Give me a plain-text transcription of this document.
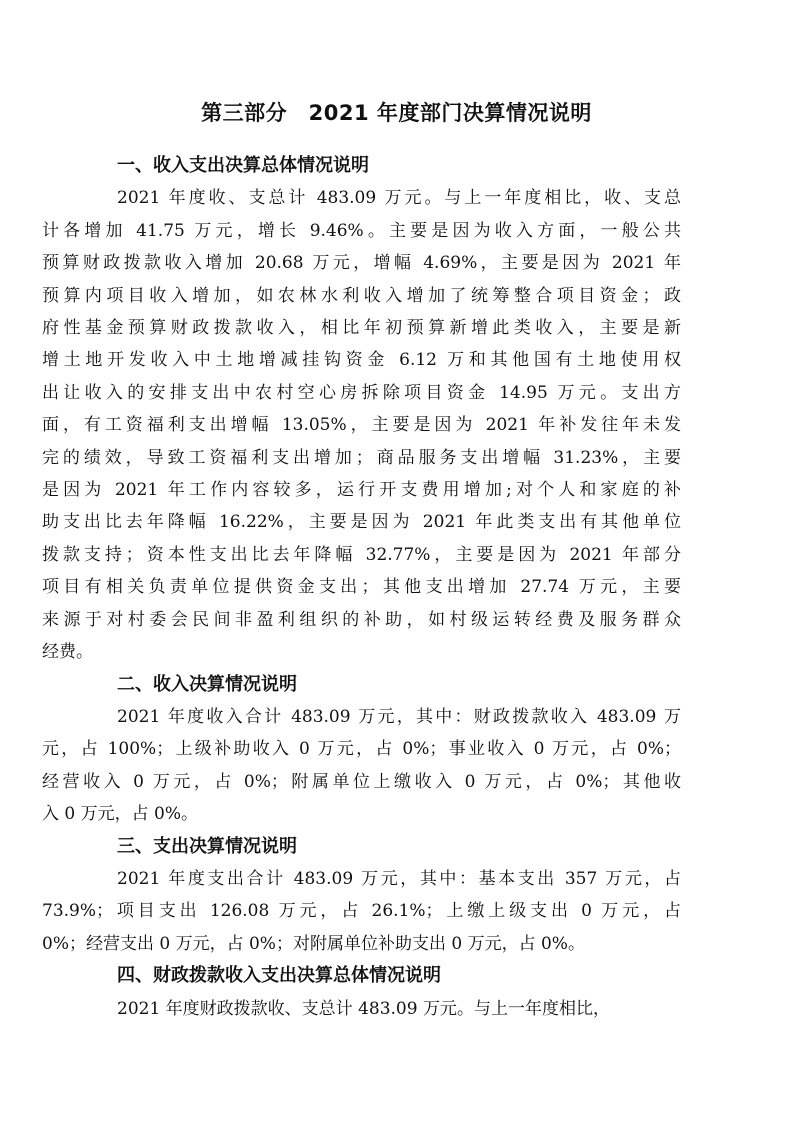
第三部分　2021 年度部门决算情况说明
一、收入支出决算总体情况说明
2021 年度收、支总计 483.09 万元。与上一年度相比，收、支总
计各增加 41.75 万元，增长 9.46%。主要是因为收入方面，一般公共
预算财政拨款收入增加 20.68 万元，增幅 4.69%，主要是因为 2021 年
预算内项目收入增加，如农林水利收入增加了统筹整合项目资金；政
府性基金预算财政拨款收入，相比年初预算新增此类收入，主要是新
增土地开发收入中土地增减挂钩资金 6.12 万和其他国有土地使用权
出让收入的安排支出中农村空心房拆除项目资金 14.95 万元。支出方
面，有工资福利支出增幅 13.05%，主要是因为 2021 年补发往年未发
完的绩效，导致工资福利支出增加；商品服务支出增幅 31.23%，主要
是因为 2021 年工作内容较多，运行开支费用增加;对个人和家庭的补
助支出比去年降幅 16.22%，主要是因为 2021 年此类支出有其他单位
拨款支持；资本性支出比去年降幅 32.77%，主要是因为 2021 年部分
项目有相关负责单位提供资金支出；其他支出增加 27.74 万元，主要
来源于对村委会民间非盈利组织的补助，如村级运转经费及服务群众
经费。
二、收入决算情况说明
2021 年度收入合计 483.09 万元，其中：财政拨款收入 483.09 万
元，占 100%；上级补助收入 0 万元，占 0%；事业收入 0 万元，占 0%；
经营收入 0 万元，占 0%；附属单位上缴收入 0 万元，占 0%；其他收
入 0 万元，占 0%。
三、支出决算情况说明
2021 年度支出合计 483.09 万元，其中：基本支出 357 万元，占
73.9%；项目支出 126.08 万元，占 26.1%；上缴上级支出 0 万元，占
0%；经营支出 0 万元，占 0%；对附属单位补助支出 0 万元，占 0%。
四、财政拨款收入支出决算总体情况说明
2021 年度财政拨款收、支总计 483.09 万元。与上一年度相比，
